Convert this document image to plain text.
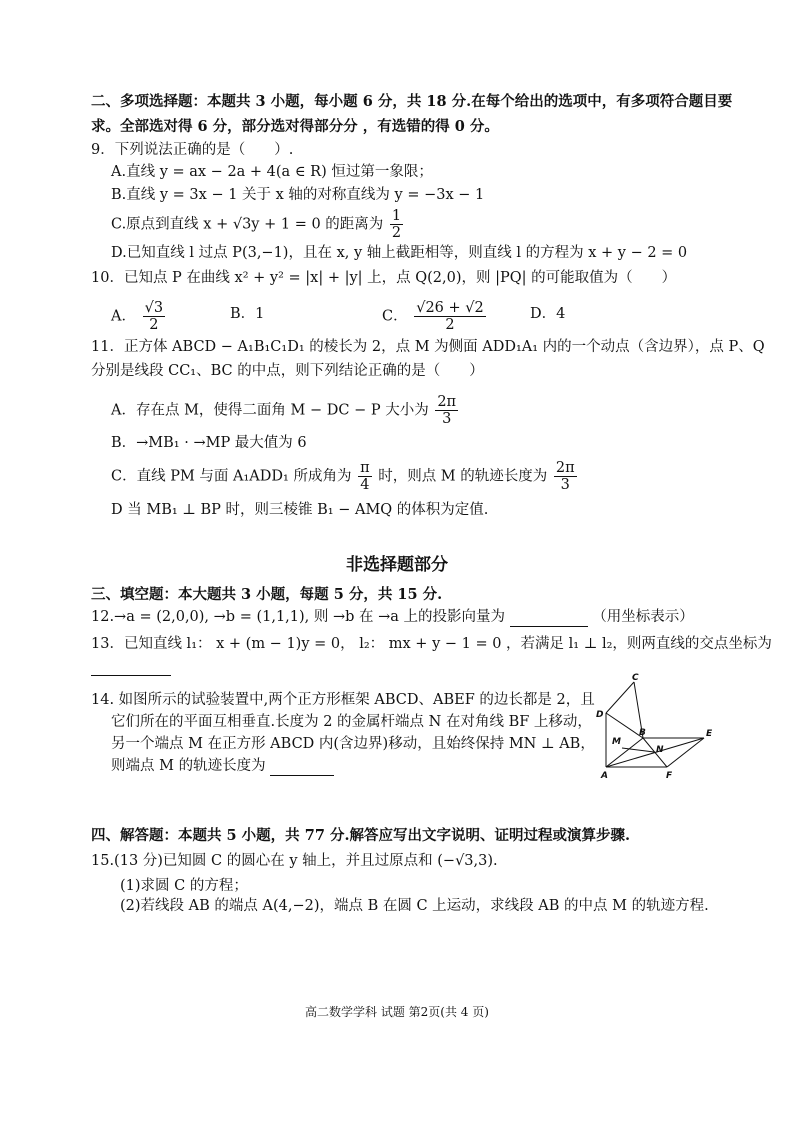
二、多项选择题：本题共 3 小题，每小题 6 分，共 18 分.在每个给出的选项中，有多项符合题目要
求。全部选对得 6 分，部分选对得部分分 ，有选错的得 0 分。
9．下列说法正确的是（　　）.
A.直线 y = ax − 2a + 4(a ∈ R) 恒过第一象限；
B.直线 y = 3x − 1 关于 x 轴的对称直线为 y = −3x − 1
C.原点到直线 x + √3y + 1 = 0 的距离为 $\frac{1}{2}$
D.已知直线 l 过点 P(3,−1)，且在 x, y 轴上截距相等，则直线 l 的方程为 x + y − 2 = 0
10．已知点 P 在曲线 x² + y² = |x| + |y| 上，点 Q(2,0)，则 |PQ| 的可能取值为（　　）
A． $\frac{√3}{2}$	B．1	C． $\frac{√26 + √2}{2}$	D．4
11．正方体 ABCD − A₁B₁C₁D₁ 的棱长为 2，点 M 为侧面 ADD₁A₁ 内的一个动点（含边界），点 P、Q
分别是线段 CC₁、BC 的中点，则下列结论正确的是（　　）
A．存在点 M，使得二面角 M − DC − P 大小为 $\frac{2\pi}{3}$
B．→MB₁ · →MP 最大值为 6
C．直线 PM 与面 A₁ADD₁ 所成角为 $\frac{\pi}{4}$ 时，则点 M 的轨迹长度为 $\frac{2\pi}{3}$
D 当 MB₁ ⊥ BP 时，则三棱锥 B₁ − AMQ 的体积为定值.
非选择题部分
三、填空题：本大题共 3 小题，每题 5 分，共 15 分.
12.→a = (2,0,0), →b = (1,1,1), 则 →b 在 →a 上的投影向量为	（用坐标表示）
13．已知直线 l₁： x + (m − 1)y = 0， l₂： mx + y − 1 = 0 ，若满足 l₁ ⊥ l₂，则两直线的交点坐标为
14. 如图所示的试验装置中,两个正方形框架 ABCD、ABEF 的边长都是 2，且
它们所在的平面互相垂直.长度为 2 的金属杆端点 N 在对角线 BF 上移动，
另一个端点 M 在正方形 ABCD 内(含边界)移动，且始终保持 MN ⊥ AB，
则端点 M 的轨迹长度为
C
D
M
B
N
E
A	F
四、解答题：本题共 5 小题，共 77 分.解答应写出文字说明、证明过程或演算步骤.
15.(13 分)已知圆 C 的圆心在 y 轴上，并且过原点和 (−√3,3).
(1)求圆 C 的方程；
(2)若线段 AB 的端点 A(4,−2)，端点 B 在圆 C 上运动，求线段 AB 的中点 M 的轨迹方程.
高二数学学科 试题 第2页(共 4 页)
